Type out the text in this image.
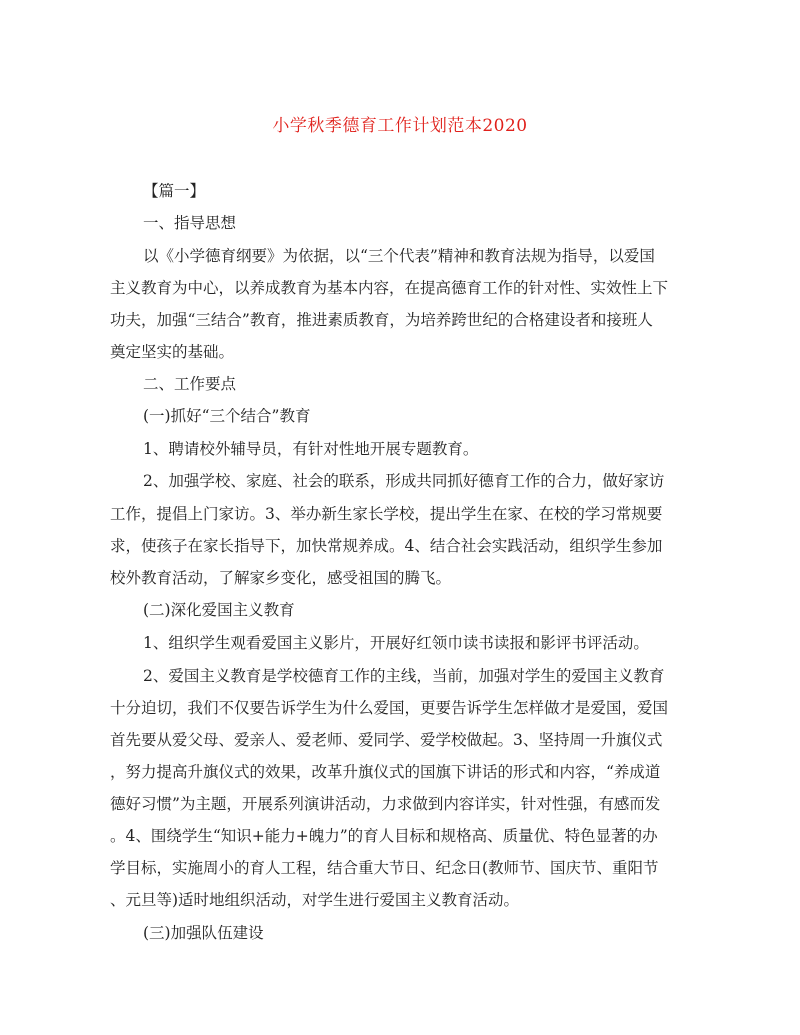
小学秋季德育工作计划范本2020
【篇一】
一、指导思想
以《小学德育纲要》为依据，以“三个代表”精神和教育法规为指导，以爱国
主义教育为中心，以养成教育为基本内容，在提高德育工作的针对性、实效性上下
功夫，加强“三结合”教育，推进素质教育，为培养跨世纪的合格建设者和接班人
奠定坚实的基础。
二、工作要点
(一)抓好“三个结合”教育
1、聘请校外辅导员，有针对性地开展专题教育。
2、加强学校、家庭、社会的联系，形成共同抓好德育工作的合力，做好家访
工作，提倡上门家访。3、举办新生家长学校，提出学生在家、在校的学习常规要
求，使孩子在家长指导下，加快常规养成。4、结合社会实践活动，组织学生参加
校外教育活动，了解家乡变化，感受祖国的腾飞。
(二)深化爱国主义教育
1、组织学生观看爱国主义影片，开展好红领巾读书读报和影评书评活动。
2、爱国主义教育是学校德育工作的主线，当前，加强对学生的爱国主义教育
十分迫切，我们不仅要告诉学生为什么爱国，更要告诉学生怎样做才是爱国，爱国
首先要从爱父母、爱亲人、爱老师、爱同学、爱学校做起。3、坚持周一升旗仪式
，努力提高升旗仪式的效果，改革升旗仪式的国旗下讲话的形式和内容，“养成道
德好习惯”为主题，开展系列演讲活动，力求做到内容详实，针对性强，有感而发
。4、围绕学生“知识+能力+魄力”的育人目标和规格高、质量优、特色显著的办
学目标，实施周小的育人工程，结合重大节日、纪念日(教师节、国庆节、重阳节
、元旦等)适时地组织活动，对学生进行爱国主义教育活动。
(三)加强队伍建设
